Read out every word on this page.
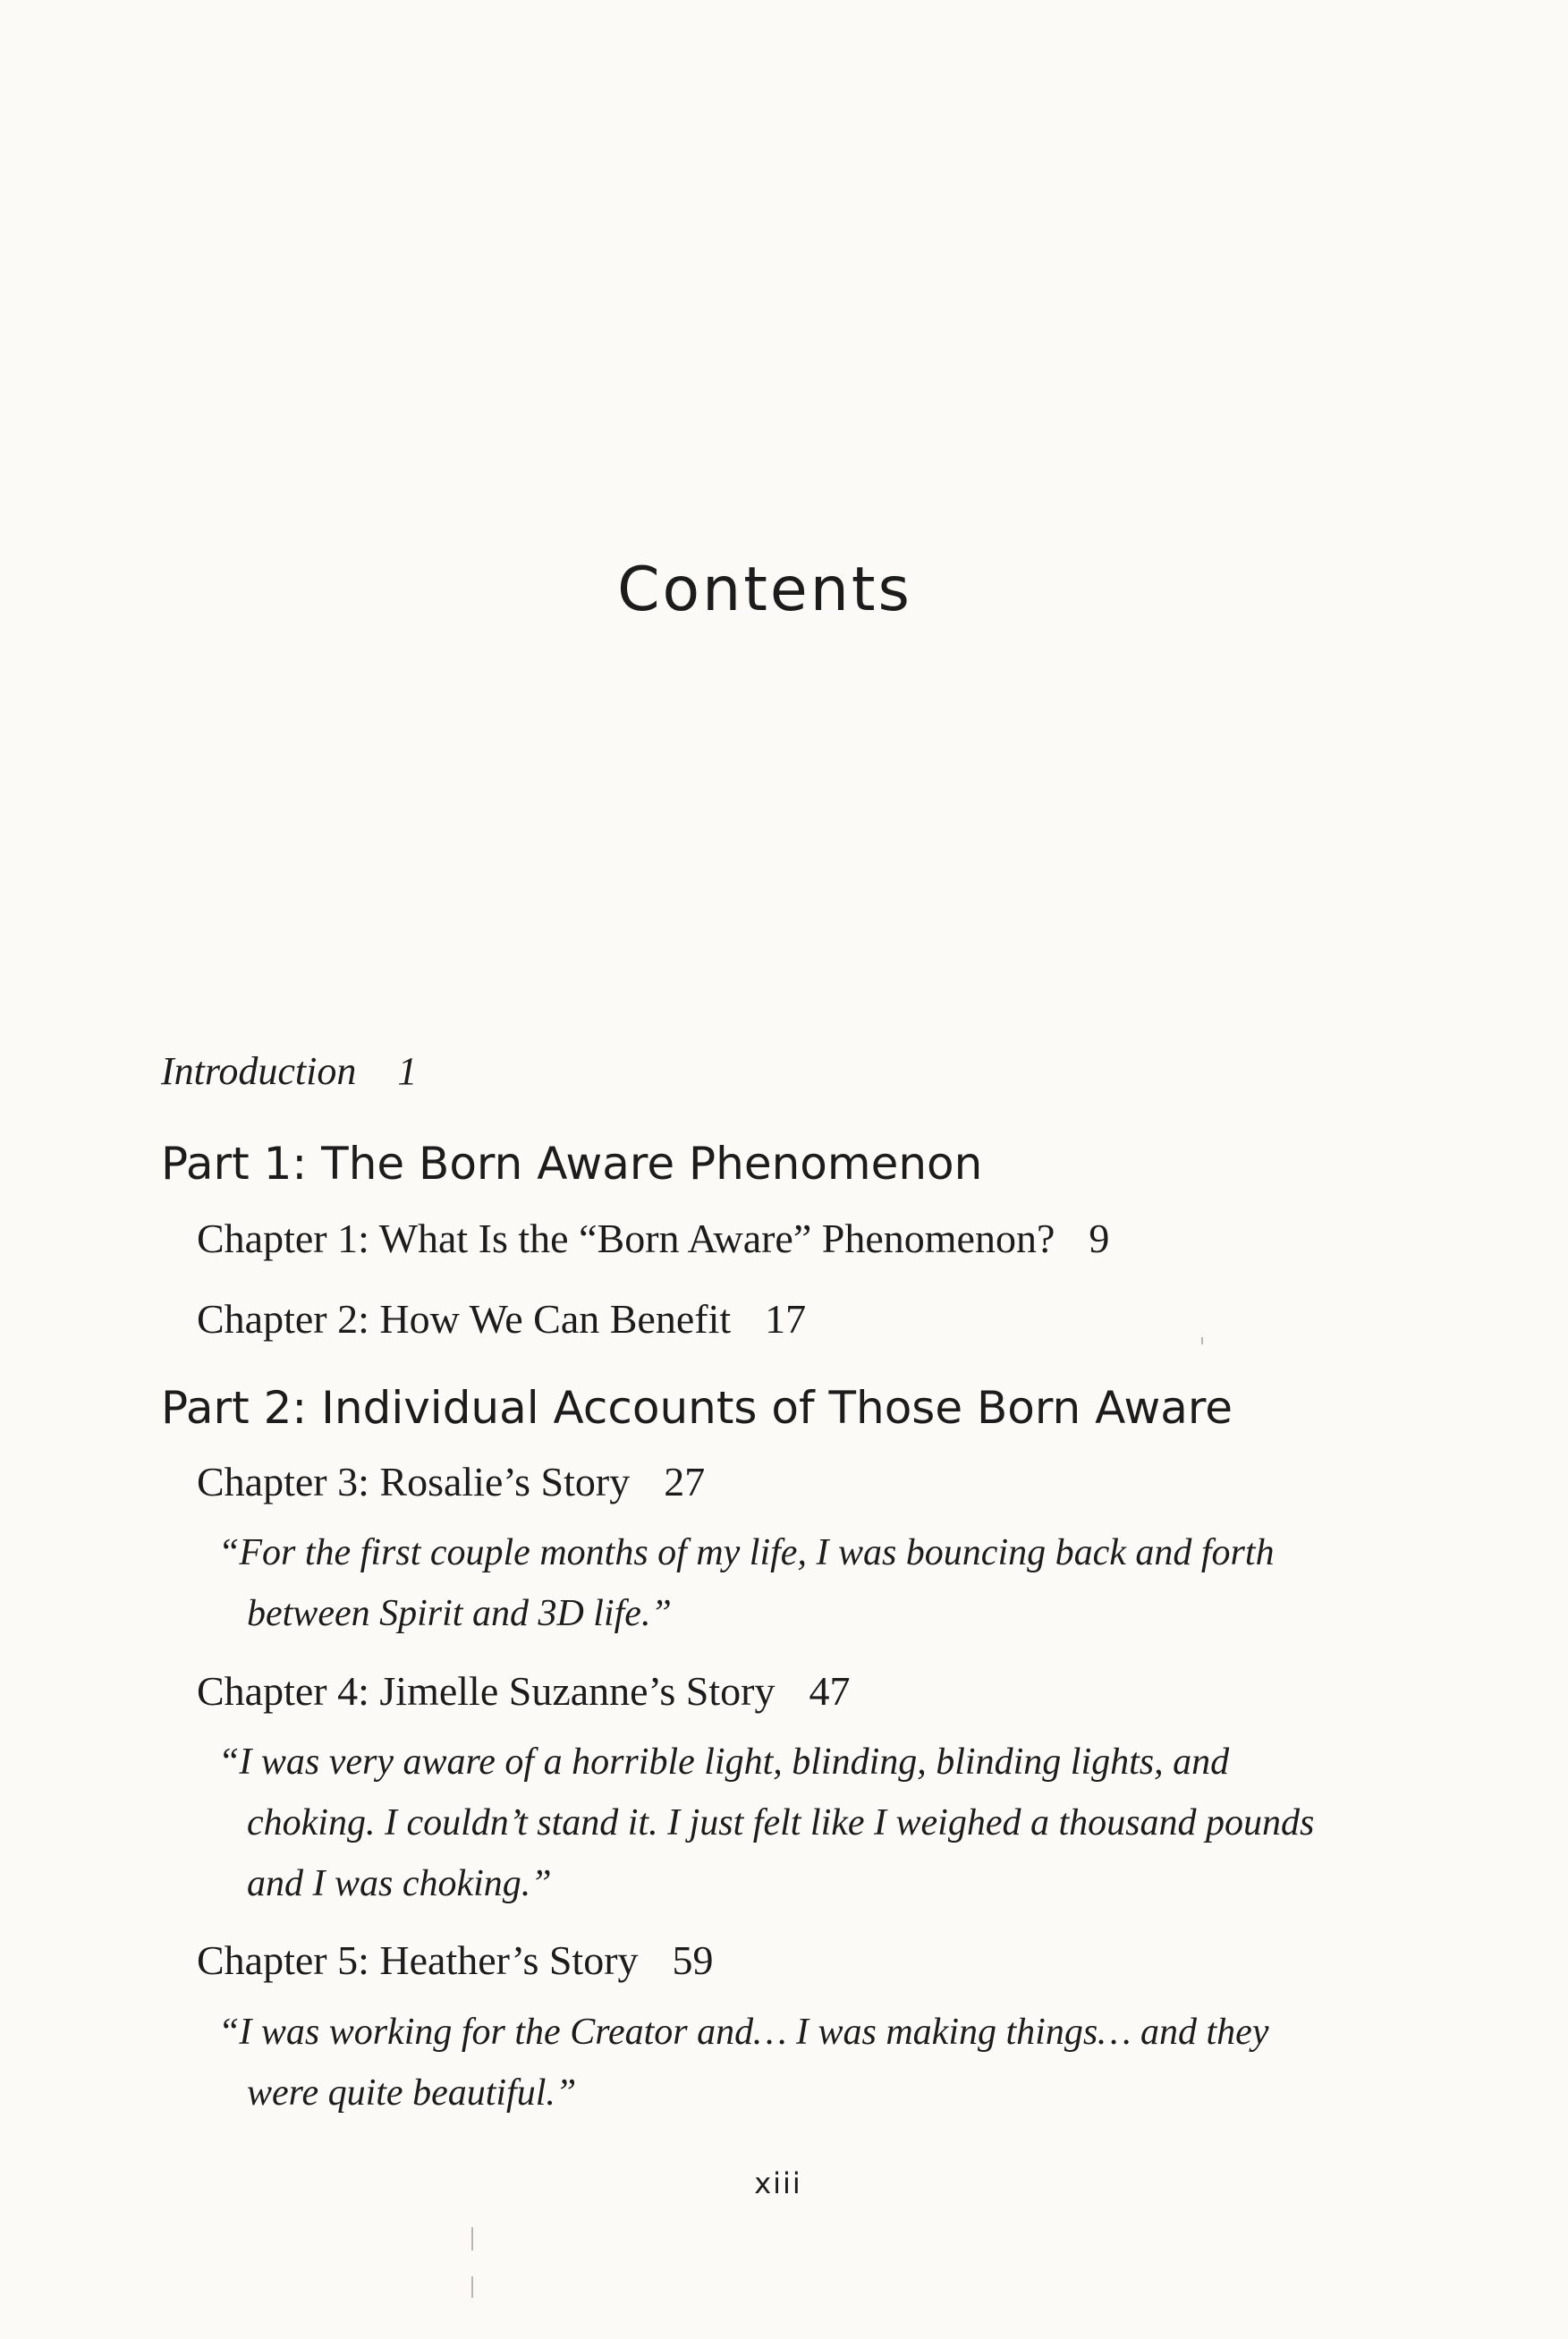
Contents
Introduction 1
Part 1: The Born Aware Phenomenon
Chapter 1: What Is the “Born Aware” Phenomenon? 9
Chapter 2: How We Can Benefit 17
Part 2: Individual Accounts of Those Born Aware
Chapter 3: Rosalie’s Story 27
“For the first couple months of my life, I was bouncing back and forth between Spirit and 3D life.”
Chapter 4: Jimelle Suzanne’s Story 47
“I was very aware of a horrible light, blinding, blinding lights, and choking. I couldn’t stand it. I just felt like I weighed a thousand pounds and I was choking.”
Chapter 5: Heather’s Story 59
“I was working for the Creator and… I was making things… and they were quite beautiful.”
xiii
